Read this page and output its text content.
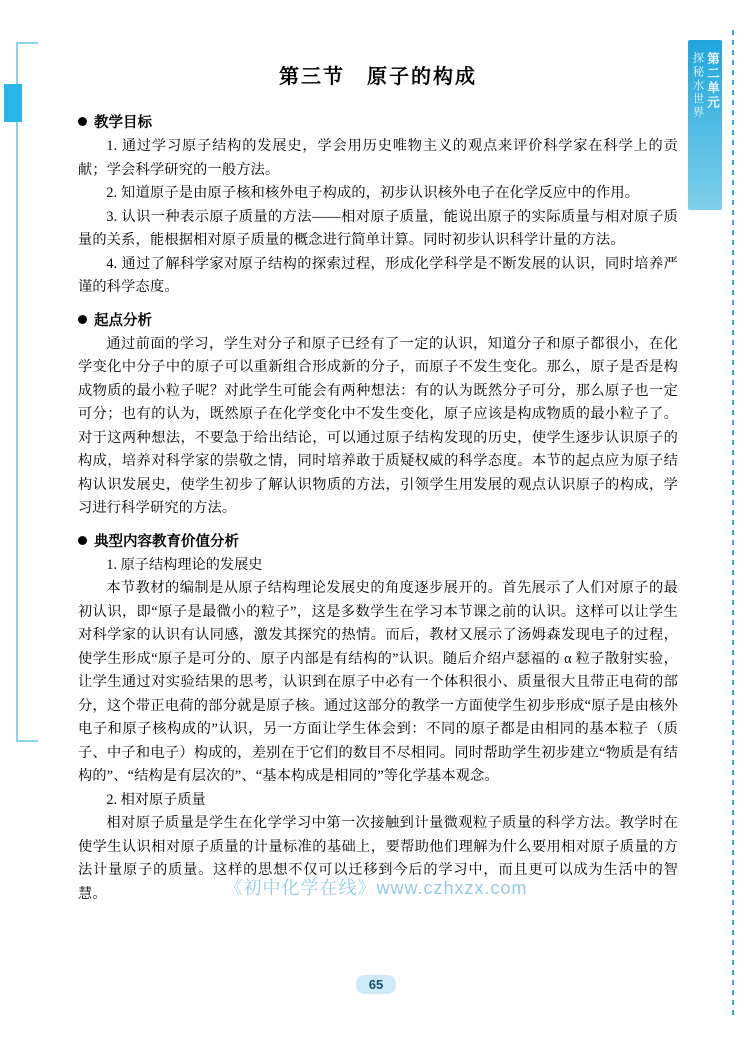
第二单元
探秘水世界
第三节　原子的构成
教学目标

1. 通过学习原子结构的发展史，学会用历史唯物主义的观点来评价科学家在科学上的贡献；学会科学研究的一般方法。

2. 知道原子是由原子核和核外电子构成的，初步认识核外电子在化学反应中的作用。

3. 认识一种表示原子质量的方法——相对原子质量，能说出原子的实际质量与相对原子质量的关系，能根据相对原子质量的概念进行简单计算。同时初步认识科学计量的方法。

4. 通过了解科学家对原子结构的探索过程，形成化学科学是不断发展的认识，同时培养严谨的科学态度。

起点分析

通过前面的学习，学生对分子和原子已经有了一定的认识，知道分子和原子都很小，在化学变化中分子中的原子可以重新组合形成新的分子，而原子不发生变化。那么，原子是否是构成物质的最小粒子呢？对此学生可能会有两种想法：有的认为既然分子可分，那么原子也一定可分；也有的认为，既然原子在化学变化中不发生变化，原子应该是构成物质的最小粒子了。对于这两种想法，不要急于给出结论，可以通过原子结构发现的历史，使学生逐步认识原子的构成，培养对科学家的崇敬之情，同时培养敢于质疑权威的科学态度。本节的起点应为原子结构认识发展史，使学生初步了解认识物质的方法，引领学生用发展的观点认识原子的构成，学习进行科学研究的方法。

典型内容教育价值分析

1. 原子结构理论的发展史

本节教材的编制是从原子结构理论发展史的角度逐步展开的。首先展示了人们对原子的最初认识，即“原子是最微小的粒子”，这是多数学生在学习本节课之前的认识。这样可以让学生对科学家的认识有认同感，激发其探究的热情。而后，教材又展示了汤姆森发现电子的过程，使学生形成“原子是可分的、原子内部是有结构的”认识。随后介绍卢瑟福的 α 粒子散射实验，让学生通过对实验结果的思考，认识到在原子中必有一个体积很小、质量很大且带正电荷的部分，这个带正电荷的部分就是原子核。通过这部分的教学一方面使学生初步形成“原子是由核外电子和原子核构成的”认识，另一方面让学生体会到：不同的原子都是由相同的基本粒子（质子、中子和电子）构成的，差别在于它们的数目不尽相同。同时帮助学生初步建立“物质是有结构的”、“结构是有层次的”、“基本构成是相同的”等化学基本观念。

2. 相对原子质量

相对原子质量是学生在化学学习中第一次接触到计量微观粒子质量的科学方法。教学时在使学生认识相对原子质量的计量标准的基础上，要帮助他们理解为什么要用相对原子质量的方法计量原子的质量。这样的思想不仅可以迁移到今后的学习中，而且更可以成为生活中的智慧。	《初中化学在线》www.czhxzx.com
65
